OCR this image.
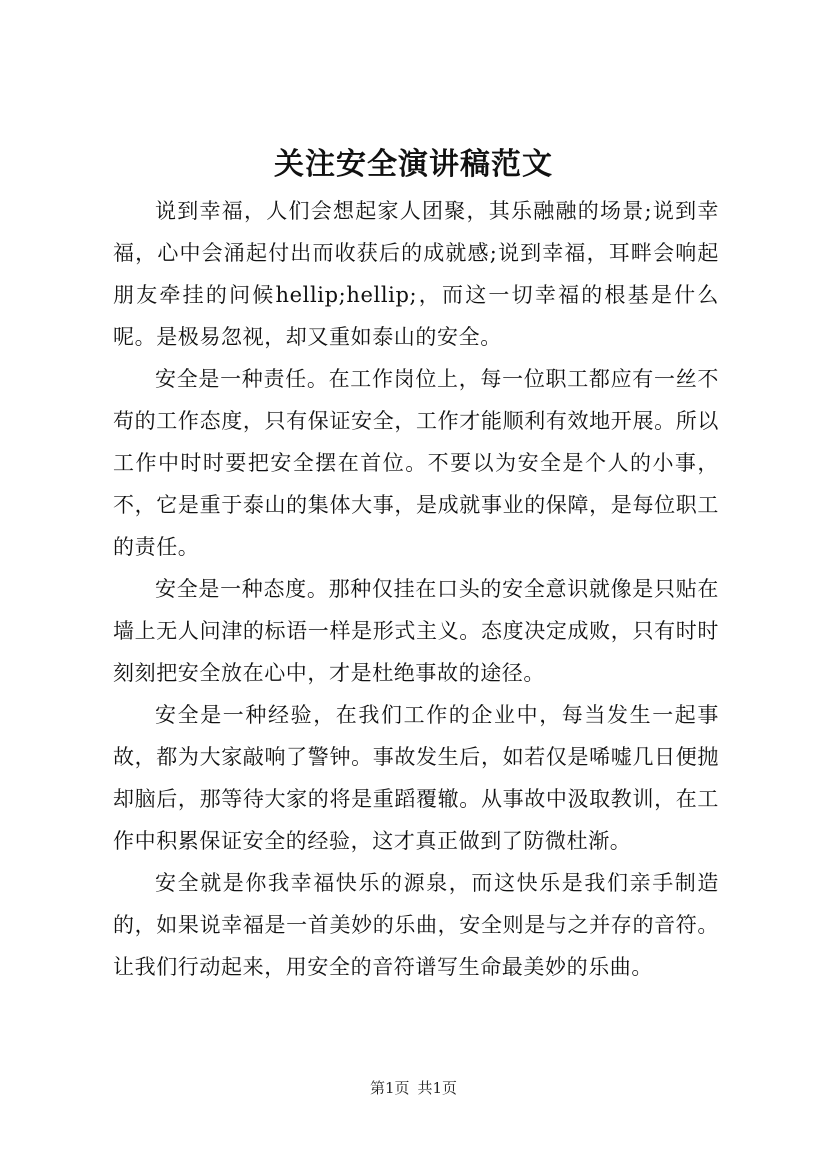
关注安全演讲稿范文

说到幸福，人们会想起家人团聚，其乐融融的场景;说到幸福，心中会涌起付出而收获后的成就感;说到幸福，耳畔会响起朋友牵挂的问候hellip;hellip;，而这一切幸福的根基是什么呢。是极易忽视，却又重如泰山的安全。

安全是一种责任。在工作岗位上，每一位职工都应有一丝不苟的工作态度，只有保证安全，工作才能顺利有效地开展。所以工作中时时要把安全摆在首位。不要以为安全是个人的小事，不，它是重于泰山的集体大事，是成就事业的保障，是每位职工的责任。

安全是一种态度。那种仅挂在口头的安全意识就像是只贴在墙上无人问津的标语一样是形式主义。态度决定成败，只有时时刻刻把安全放在心中，才是杜绝事故的途径。

安全是一种经验，在我们工作的企业中，每当发生一起事故，都为大家敲响了警钟。事故发生后，如若仅是唏嘘几日便抛却脑后，那等待大家的将是重蹈覆辙。从事故中汲取教训，在工作中积累保证安全的经验，这才真正做到了防微杜渐。

安全就是你我幸福快乐的源泉，而这快乐是我们亲手制造的，如果说幸福是一首美妙的乐曲，安全则是与之并存的音符。让我们行动起来，用安全的音符谱写生命最美妙的乐曲。

第1页 共1页
